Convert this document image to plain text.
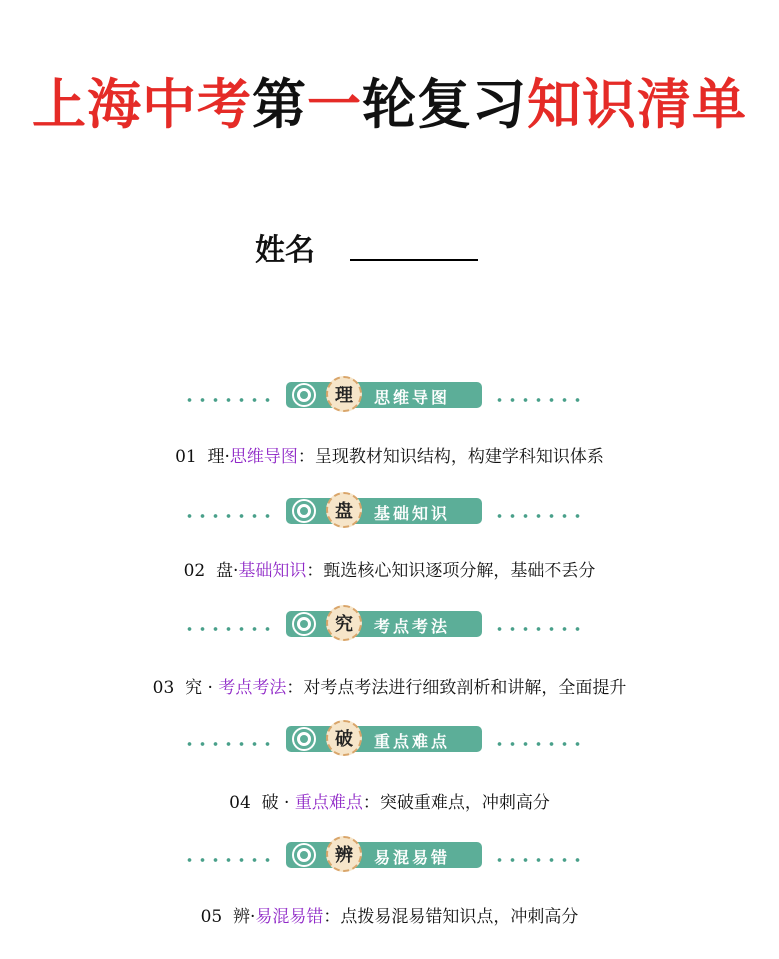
上海中考第一轮复习知识清单
姓名
理	思维导图
01 理·思维导图：呈现教材知识结构，构建学科知识体系
盘	基础知识
02 盘·基础知识：甄选核心知识逐项分解，基础不丢分
究	考点考法
03 究 · 考点考法：对考点考法进行细致剖析和讲解，全面提升
破	重点难点
04 破 · 重点难点：突破重难点，冲刺高分
辨	易混易错
05 辨·易混易错：点拨易混易错知识点，冲刺高分
